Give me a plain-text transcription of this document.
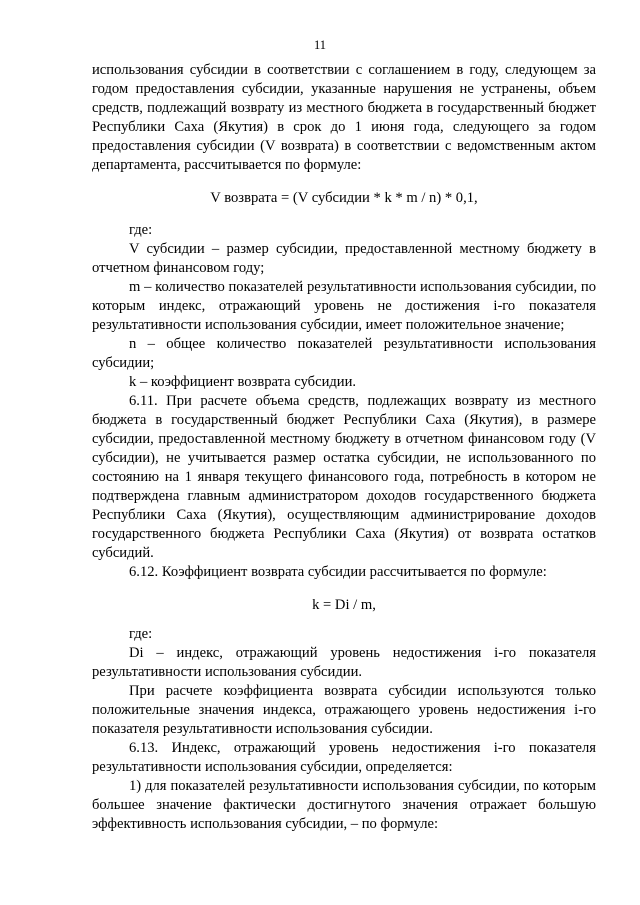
11

использования субсидии в соответствии с соглашением в году, следующем за годом предоставления субсидии, указанные нарушения не устранены, объем средств, подлежащий возврату из местного бюджета в государственный бюджет Республики Саха (Якутия) в срок до 1 июня года, следующего за годом предоставления субсидии (V возврата) в соответствии с ведомственным актом департамента, рассчитывается по формуле:

V возврата = (V субсидии * k * m / n) * 0,1,

где:

V субсидии – размер субсидии, предоставленной местному бюджету в отчетном финансовом году;

m – количество показателей результативности использования субсидии, по которым индекс, отражающий уровень не достижения i-го показателя результативности использования субсидии, имеет положительное значение;

n – общее количество показателей результативности использования субсидии;

k – коэффициент возврата субсидии.

6.11. При расчете объема средств, подлежащих возврату из местного бюджета в государственный бюджет Республики Саха (Якутия), в размере субсидии, предоставленной местному бюджету в отчетном финансовом году (V субсидии), не учитывается размер остатка субсидии, не использованного по состоянию на 1 января текущего финансового года, потребность в котором не подтверждена главным администратором доходов государственного бюджета Республики Саха (Якутия), осуществляющим администрирование доходов государственного бюджета Республики Саха (Якутия) от возврата остатков субсидий.

6.12. Коэффициент возврата субсидии рассчитывается по формуле:

k = Di / m,

где:

Di – индекс, отражающий уровень недостижения i-го показателя результативности использования субсидии.

При расчете коэффициента возврата субсидии используются только положительные значения индекса, отражающего уровень недостижения i-го показателя результативности использования субсидии.

6.13. Индекс, отражающий уровень недостижения i-го показателя результативности использования субсидии, определяется:

1) для показателей результативности использования субсидии, по которым большее значение фактически достигнутого значения отражает большую эффективность использования субсидии, – по формуле:
